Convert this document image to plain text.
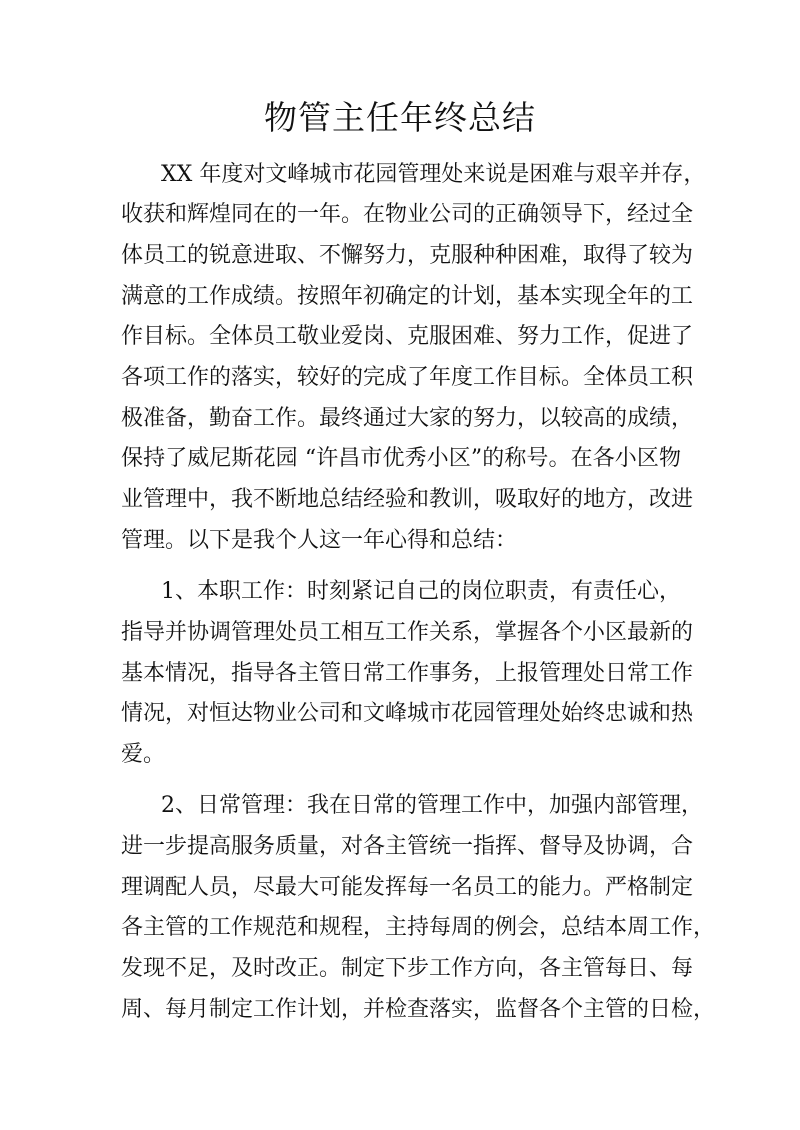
物管主任年终总结
XX 年度对文峰城市花园管理处来说是困难与艰辛并存，
收获和辉煌同在的一年。在物业公司的正确领导下，经过全
体员工的锐意进取、不懈努力，克服种种困难，取得了较为
满意的工作成绩。按照年初确定的计划，基本实现全年的工
作目标。全体员工敬业爱岗、克服困难、努力工作，促进了
各项工作的落实，较好的完成了年度工作目标。全体员工积
极准备，勤奋工作。最终通过大家的努力，以较高的成绩，
保持了威尼斯花园 “许昌市优秀小区”的称号。在各小区物
业管理中，我不断地总结经验和教训，吸取好的地方，改进
管理。以下是我个人这一年心得和总结：
1、本职工作：时刻紧记自己的岗位职责，有责任心，
指导并协调管理处员工相互工作关系，掌握各个小区最新的
基本情况，指导各主管日常工作事务，上报管理处日常工作
情况，对恒达物业公司和文峰城市花园管理处始终忠诚和热
爱。
2、日常管理：我在日常的管理工作中，加强内部管理，
进一步提高服务质量，对各主管统一指挥、督导及协调，合
理调配人员，尽最大可能发挥每一名员工的能力。严格制定
各主管的工作规范和规程，主持每周的例会，总结本周工作，
发现不足，及时改正。制定下步工作方向，各主管每日、每
周、每月制定工作计划，并检查落实，监督各个主管的日检，
